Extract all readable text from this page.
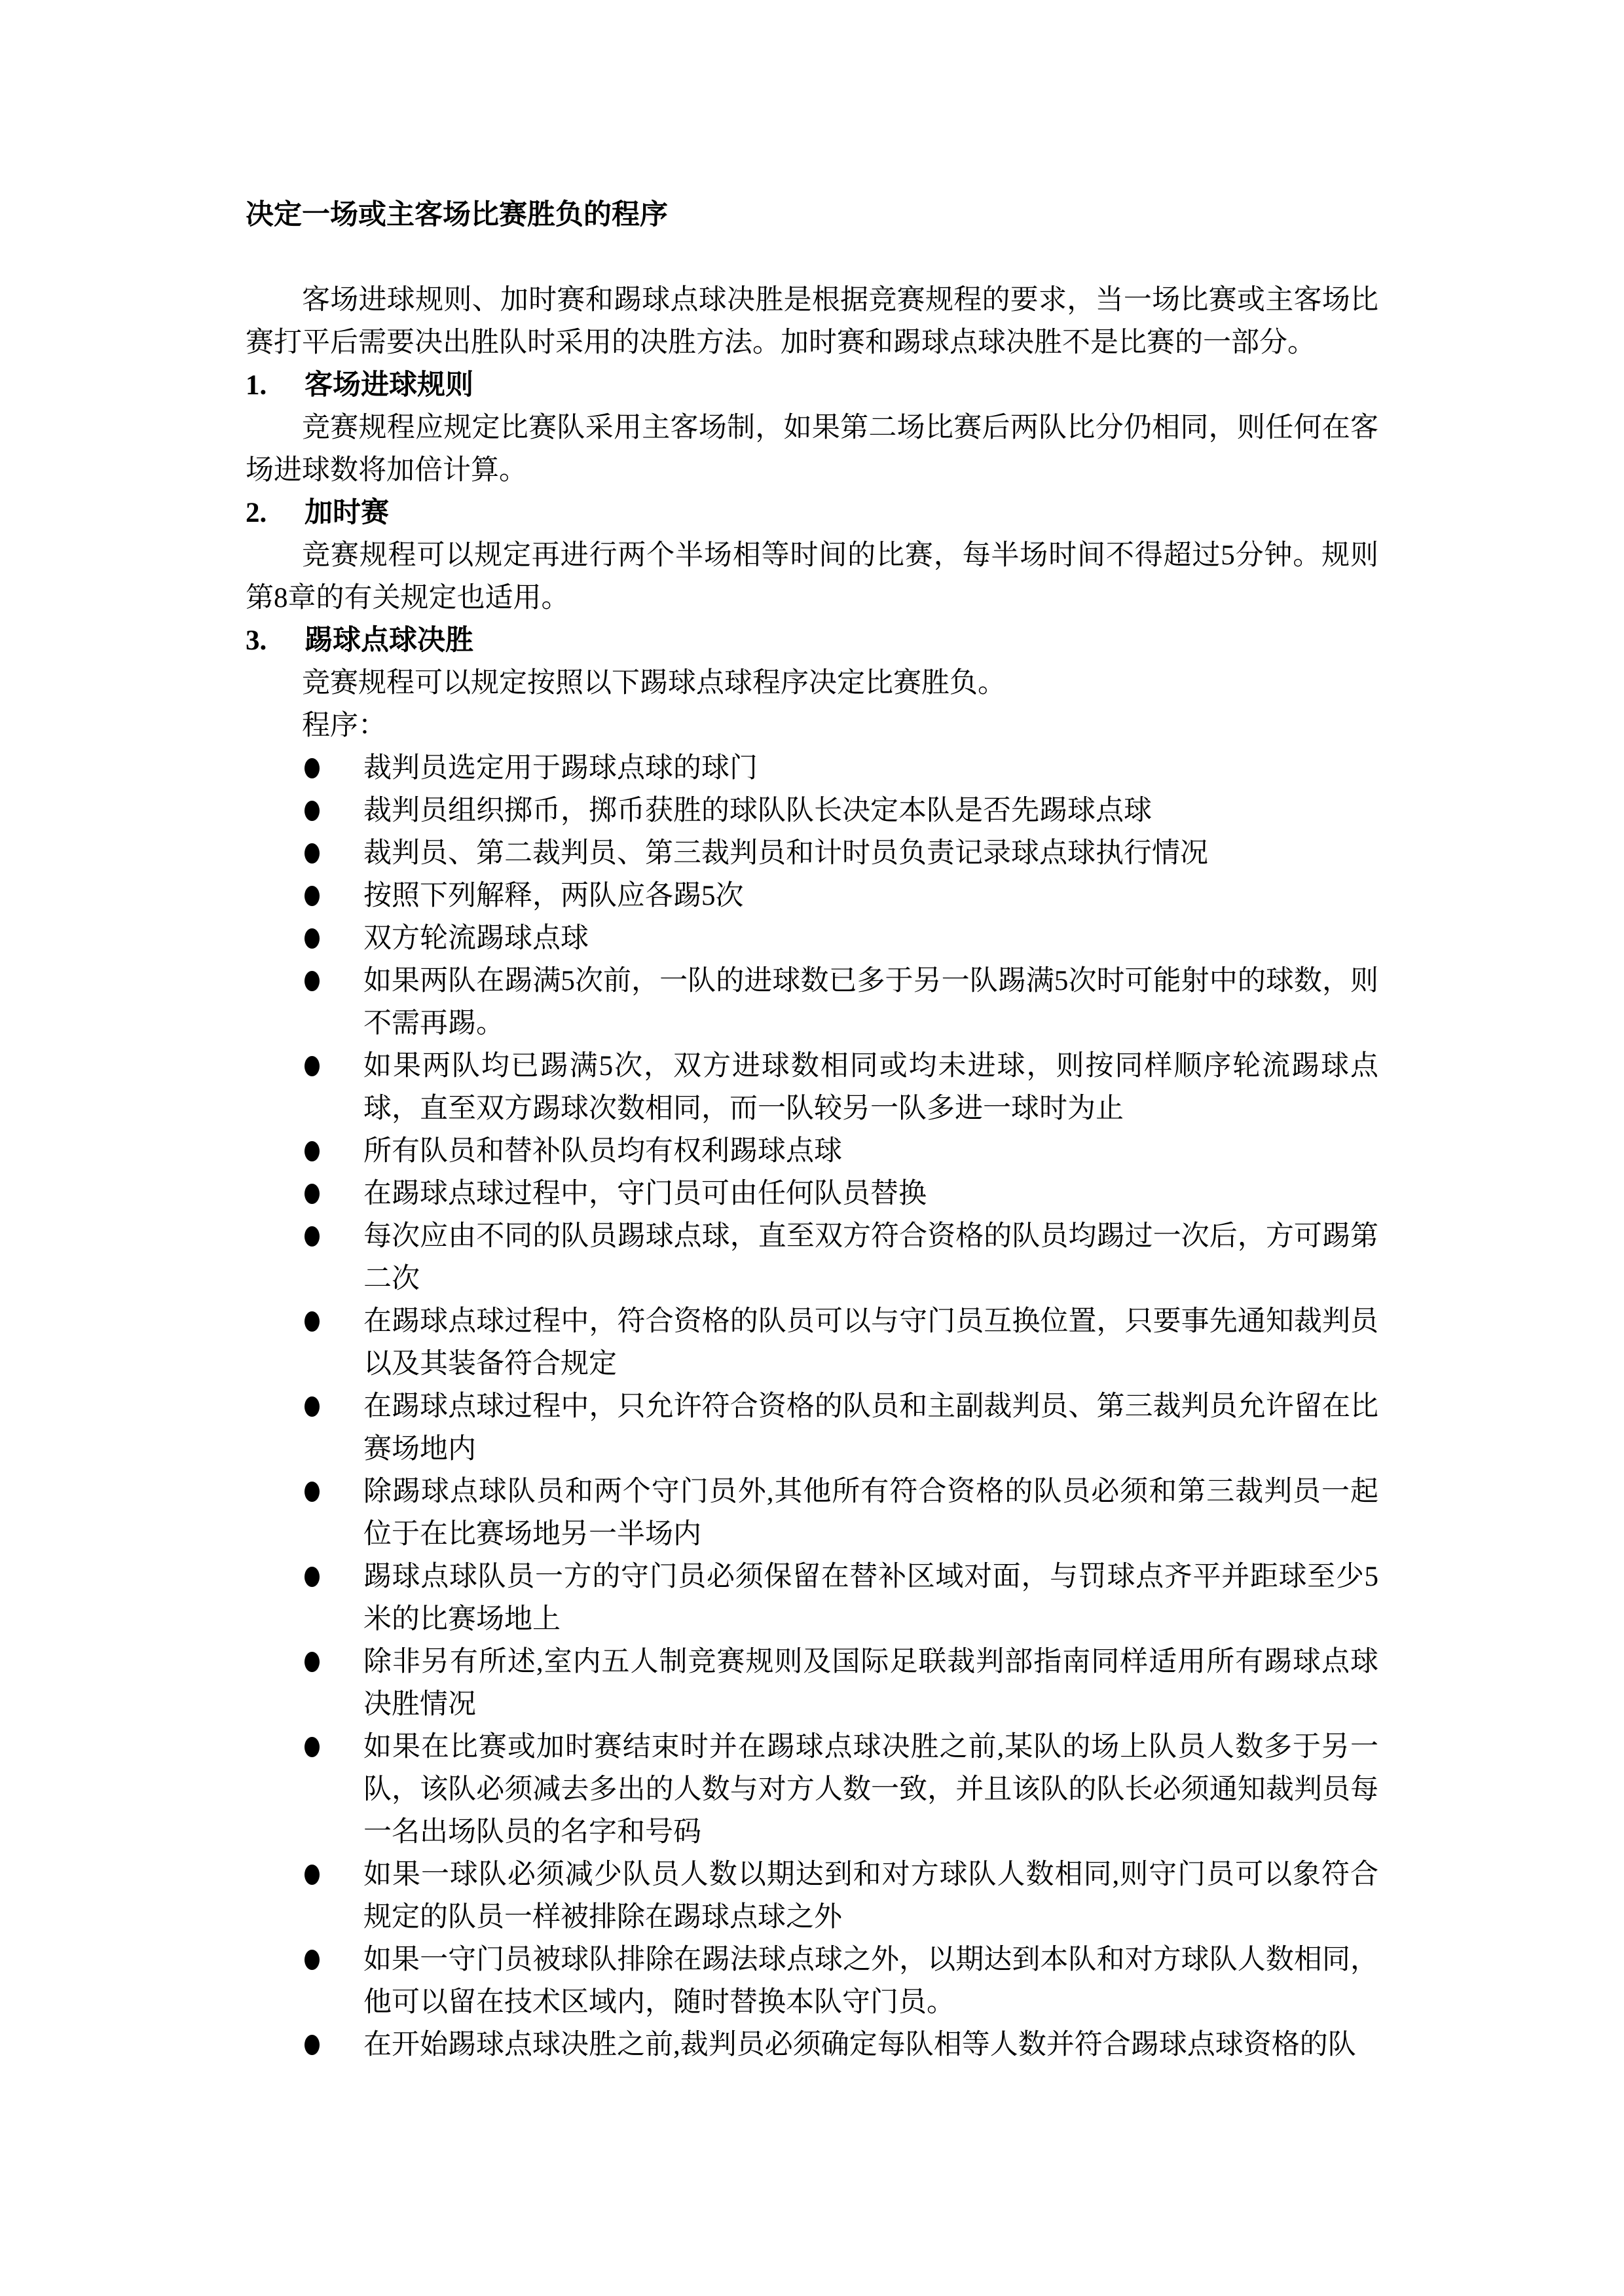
决定一场或主客场比赛胜负的程序

客场进球规则、加时赛和踢球点球决胜是根据竞赛规程的要求，当一场比赛或主客场比赛打平后需要决出胜队时采用的决胜方法。加时赛和踢球点球决胜不是比赛的一部分。

1. 客场进球规则

竞赛规程应规定比赛队采用主客场制，如果第二场比赛后两队比分仍相同，则任何在客场进球数将加倍计算。

2. 加时赛

竞赛规程可以规定再进行两个半场相等时间的比赛，每半场时间不得超过5分钟。规则第8章的有关规定也适用。

3. 踢球点球决胜

竞赛规程可以规定按照以下踢球点球程序决定比赛胜负。

程序：

裁判员选定用于踢球点球的球门
裁判员组织掷币，掷币获胜的球队队长决定本队是否先踢球点球
裁判员、第二裁判员、第三裁判员和计时员负责记录球点球执行情况
按照下列解释，两队应各踢5次
双方轮流踢球点球
如果两队在踢满5次前，一队的进球数已多于另一队踢满5次时可能射中的球数，则不需再踢。
如果两队均已踢满5次，双方进球数相同或均未进球，则按同样顺序轮流踢球点球，直至双方踢球次数相同，而一队较另一队多进一球时为止
所有队员和替补队员均有权利踢球点球
在踢球点球过程中，守门员可由任何队员替换
每次应由不同的队员踢球点球，直至双方符合资格的队员均踢过一次后，方可踢第二次
在踢球点球过程中，符合资格的队员可以与守门员互换位置，只要事先通知裁判员以及其装备符合规定
在踢球点球过程中，只允许符合资格的队员和主副裁判员、第三裁判员允许留在比赛场地内
除踢球点球队员和两个守门员外,其他所有符合资格的队员必须和第三裁判员一起位于在比赛场地另一半场内
踢球点球队员一方的守门员必须保留在替补区域对面，与罚球点齐平并距球至少5米的比赛场地上
除非另有所述,室内五人制竞赛规则及国际足联裁判部指南同样适用所有踢球点球决胜情况
如果在比赛或加时赛结束时并在踢球点球决胜之前,某队的场上队员人数多于另一队，该队必须减去多出的人数与对方人数一致，并且该队的队长必须通知裁判员每一名出场队员的名字和号码
如果一球队必须减少队员人数以期达到和对方球队人数相同,则守门员可以象符合规定的队员一样被排除在踢球点球之外
如果一守门员被球队排除在踢法球点球之外，以期达到本队和对方球队人数相同，他可以留在技术区域内，随时替换本队守门员。
在开始踢球点球决胜之前,裁判员必须确定每队相等人数并符合踢球点球资格的队
